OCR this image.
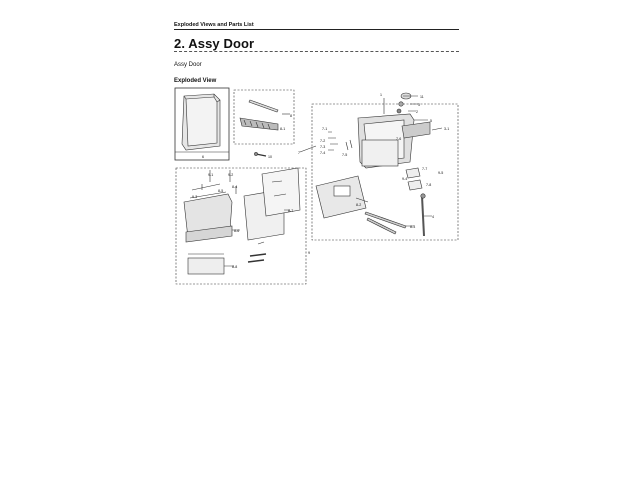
Exploded Views and Parts List
2. Assy Door
Assy Door
Exploded View
6
8
8-1
10
1	11
3
2
5
3-1
7
7-1
7-2
7-3
7-4	7-5
7-6
7-7
7-8
9-4
9-5
8-2
8-3
4
9-1	9-2
9-3
8-4
8-5
8-6
8-7
8-8
9
